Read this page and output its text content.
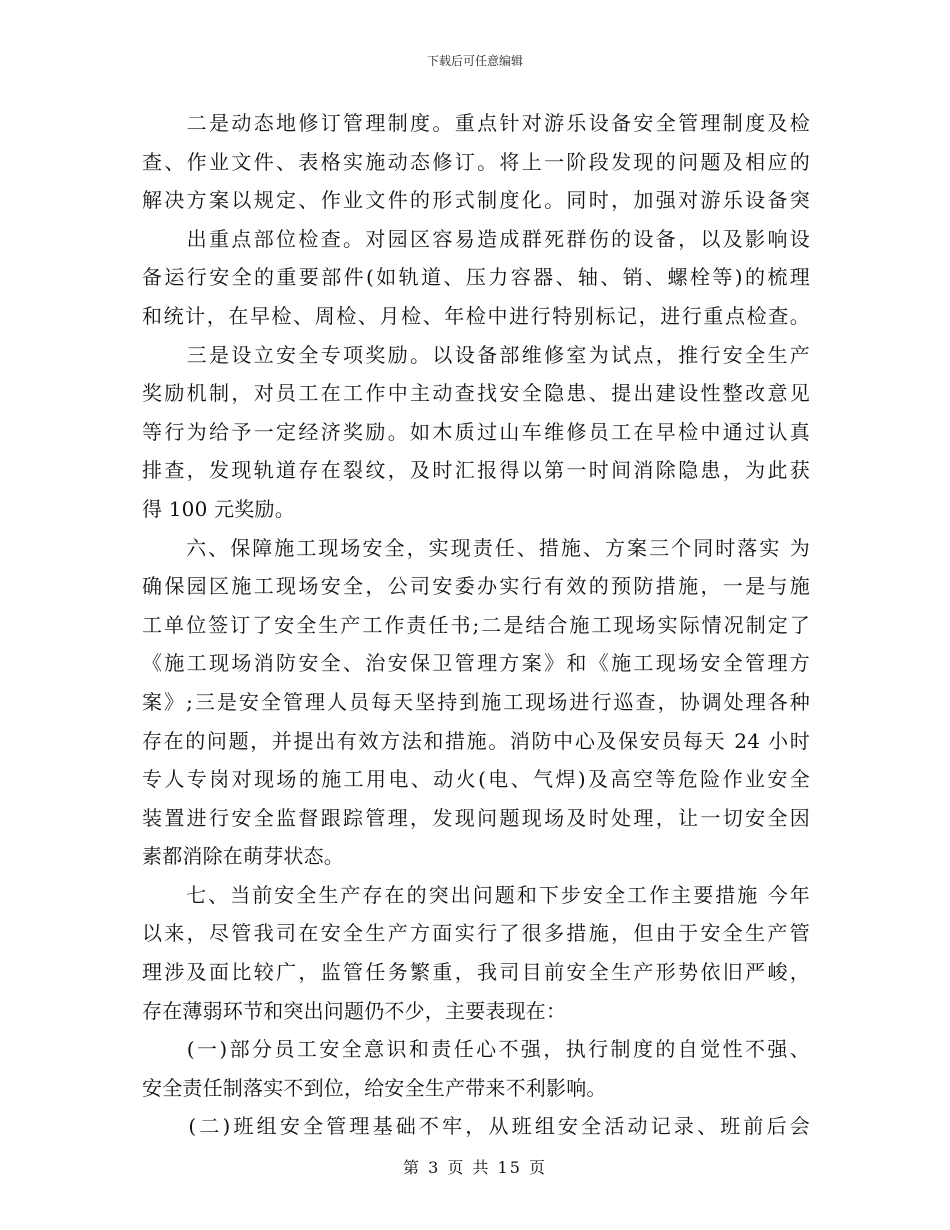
下载后可任意编辑
　　二是动态地修订管理制度。重点针对游乐设备安全管理制度及检
查、作业文件、表格实施动态修订。将上一阶段发现的问题及相应的
解决方案以规定、作业文件的形式制度化。同时，加强对游乐设备突
　　出重点部位检查。对园区容易造成群死群伤的设备，以及影响设
备运行安全的重要部件(如轨道、压力容器、轴、销、螺栓等)的梳理
和统计，在早检、周检、月检、年检中进行特别标记，进行重点检查。
　　三是设立安全专项奖励。以设备部维修室为试点，推行安全生产
奖励机制，对员工在工作中主动查找安全隐患、提出建设性整改意见
等行为给予一定经济奖励。如木质过山车维修员工在早检中通过认真
排查，发现轨道存在裂纹，及时汇报得以第一时间消除隐患，为此获
得 100 元奖励。
　　六、保障施工现场安全，实现责任、措施、方案三个同时落实 为
确保园区施工现场安全，公司安委办实行有效的预防措施，一是与施
工单位签订了安全生产工作责任书;二是结合施工现场实际情况制定了
《施工现场消防安全、治安保卫管理方案》和《施工现场安全管理方
案》;三是安全管理人员每天坚持到施工现场进行巡查，协调处理各种
存在的问题，并提出有效方法和措施。消防中心及保安员每天 24 小时
专人专岗对现场的施工用电、动火(电、气焊)及高空等危险作业安全
装置进行安全监督跟踪管理，发现问题现场及时处理，让一切安全因
素都消除在萌芽状态。
　　七、当前安全生产存在的突出问题和下步安全工作主要措施 今年
以来，尽管我司在安全生产方面实行了很多措施，但由于安全生产管
理涉及面比较广，监管任务繁重，我司目前安全生产形势依旧严峻，
存在薄弱环节和突出问题仍不少，主要表现在：
　　(一)部分员工安全意识和责任心不强，执行制度的自觉性不强、
安全责任制落实不到位，给安全生产带来不利影响。
　　(二)班组安全管理基础不牢，从班组安全活动记录、班前后会
第 3 页 共 15 页
